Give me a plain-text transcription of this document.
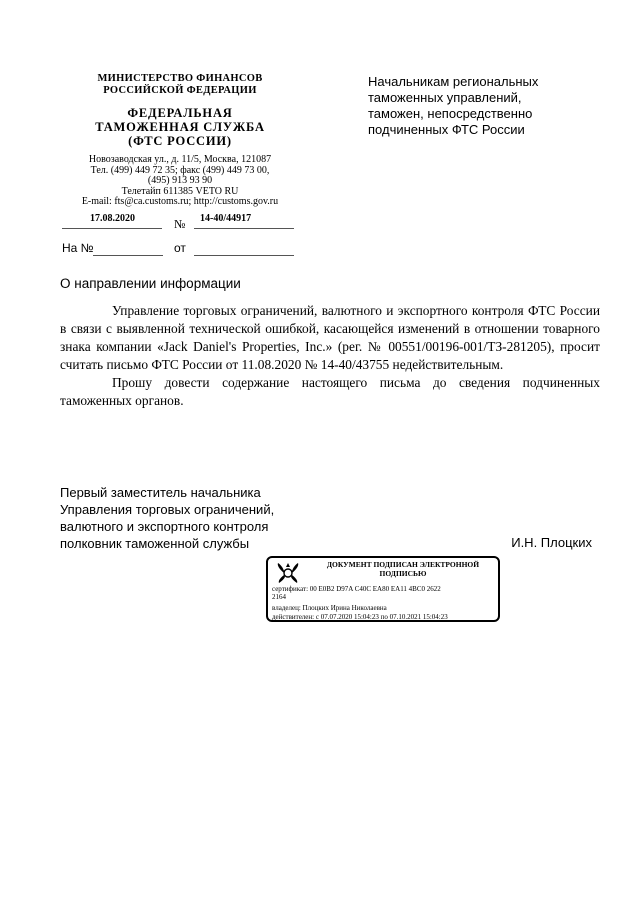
МИНИСТЕРСТВО ФИНАНСОВ
РОССИЙСКОЙ ФЕДЕРАЦИИ
ФЕДЕРАЛЬНАЯ
ТАМОЖЕННАЯ СЛУЖБА
(ФТС РОССИИ)
Новозаводская ул., д. 11/5, Москва, 121087
Тел. (499) 449 72 35; факс (499) 449 73 00,
(495) 913 93 90
Телетайп 611385 VETO RU
E-mail: fts@ca.customs.ru; http://customs.gov.ru
17.08.2020	№ 14-40/44917
На №	от
Начальникам региональных
таможенных управлений,
таможен, непосредственно
подчиненных ФТС России
О направлении информации

Управление торговых ограничений, валютного и экспортного контроля ФТС России в связи с выявленной технической ошибкой, касающейся изменений в отношении товарного знака компании «Jack Daniel's Properties, Inc.» (рег. № 00551/00196-001/ТЗ-281205), просит считать письмо ФТС России от 11.08.2020 № 14-40/43755 недействительным.

Прошу довести содержание настоящего письма до сведения подчиненных таможенных органов.

Первый заместитель начальника
Управления торговых ограничений,
валютного и экспортного контроля
полковник таможенной службы	И.Н. Плоцких
ДОКУМЕНТ ПОДПИСАН ЭЛЕКТРОННОЙ
ПОДПИСЬЮ
сертификат: 00 E0B2 D97A C40C EA80 EA11 4BC0 2622
2164
владелец: Плоцких Ирина Николаевна
действителен: с 07.07.2020 15:04:23 по 07.10.2021 15:04:23
